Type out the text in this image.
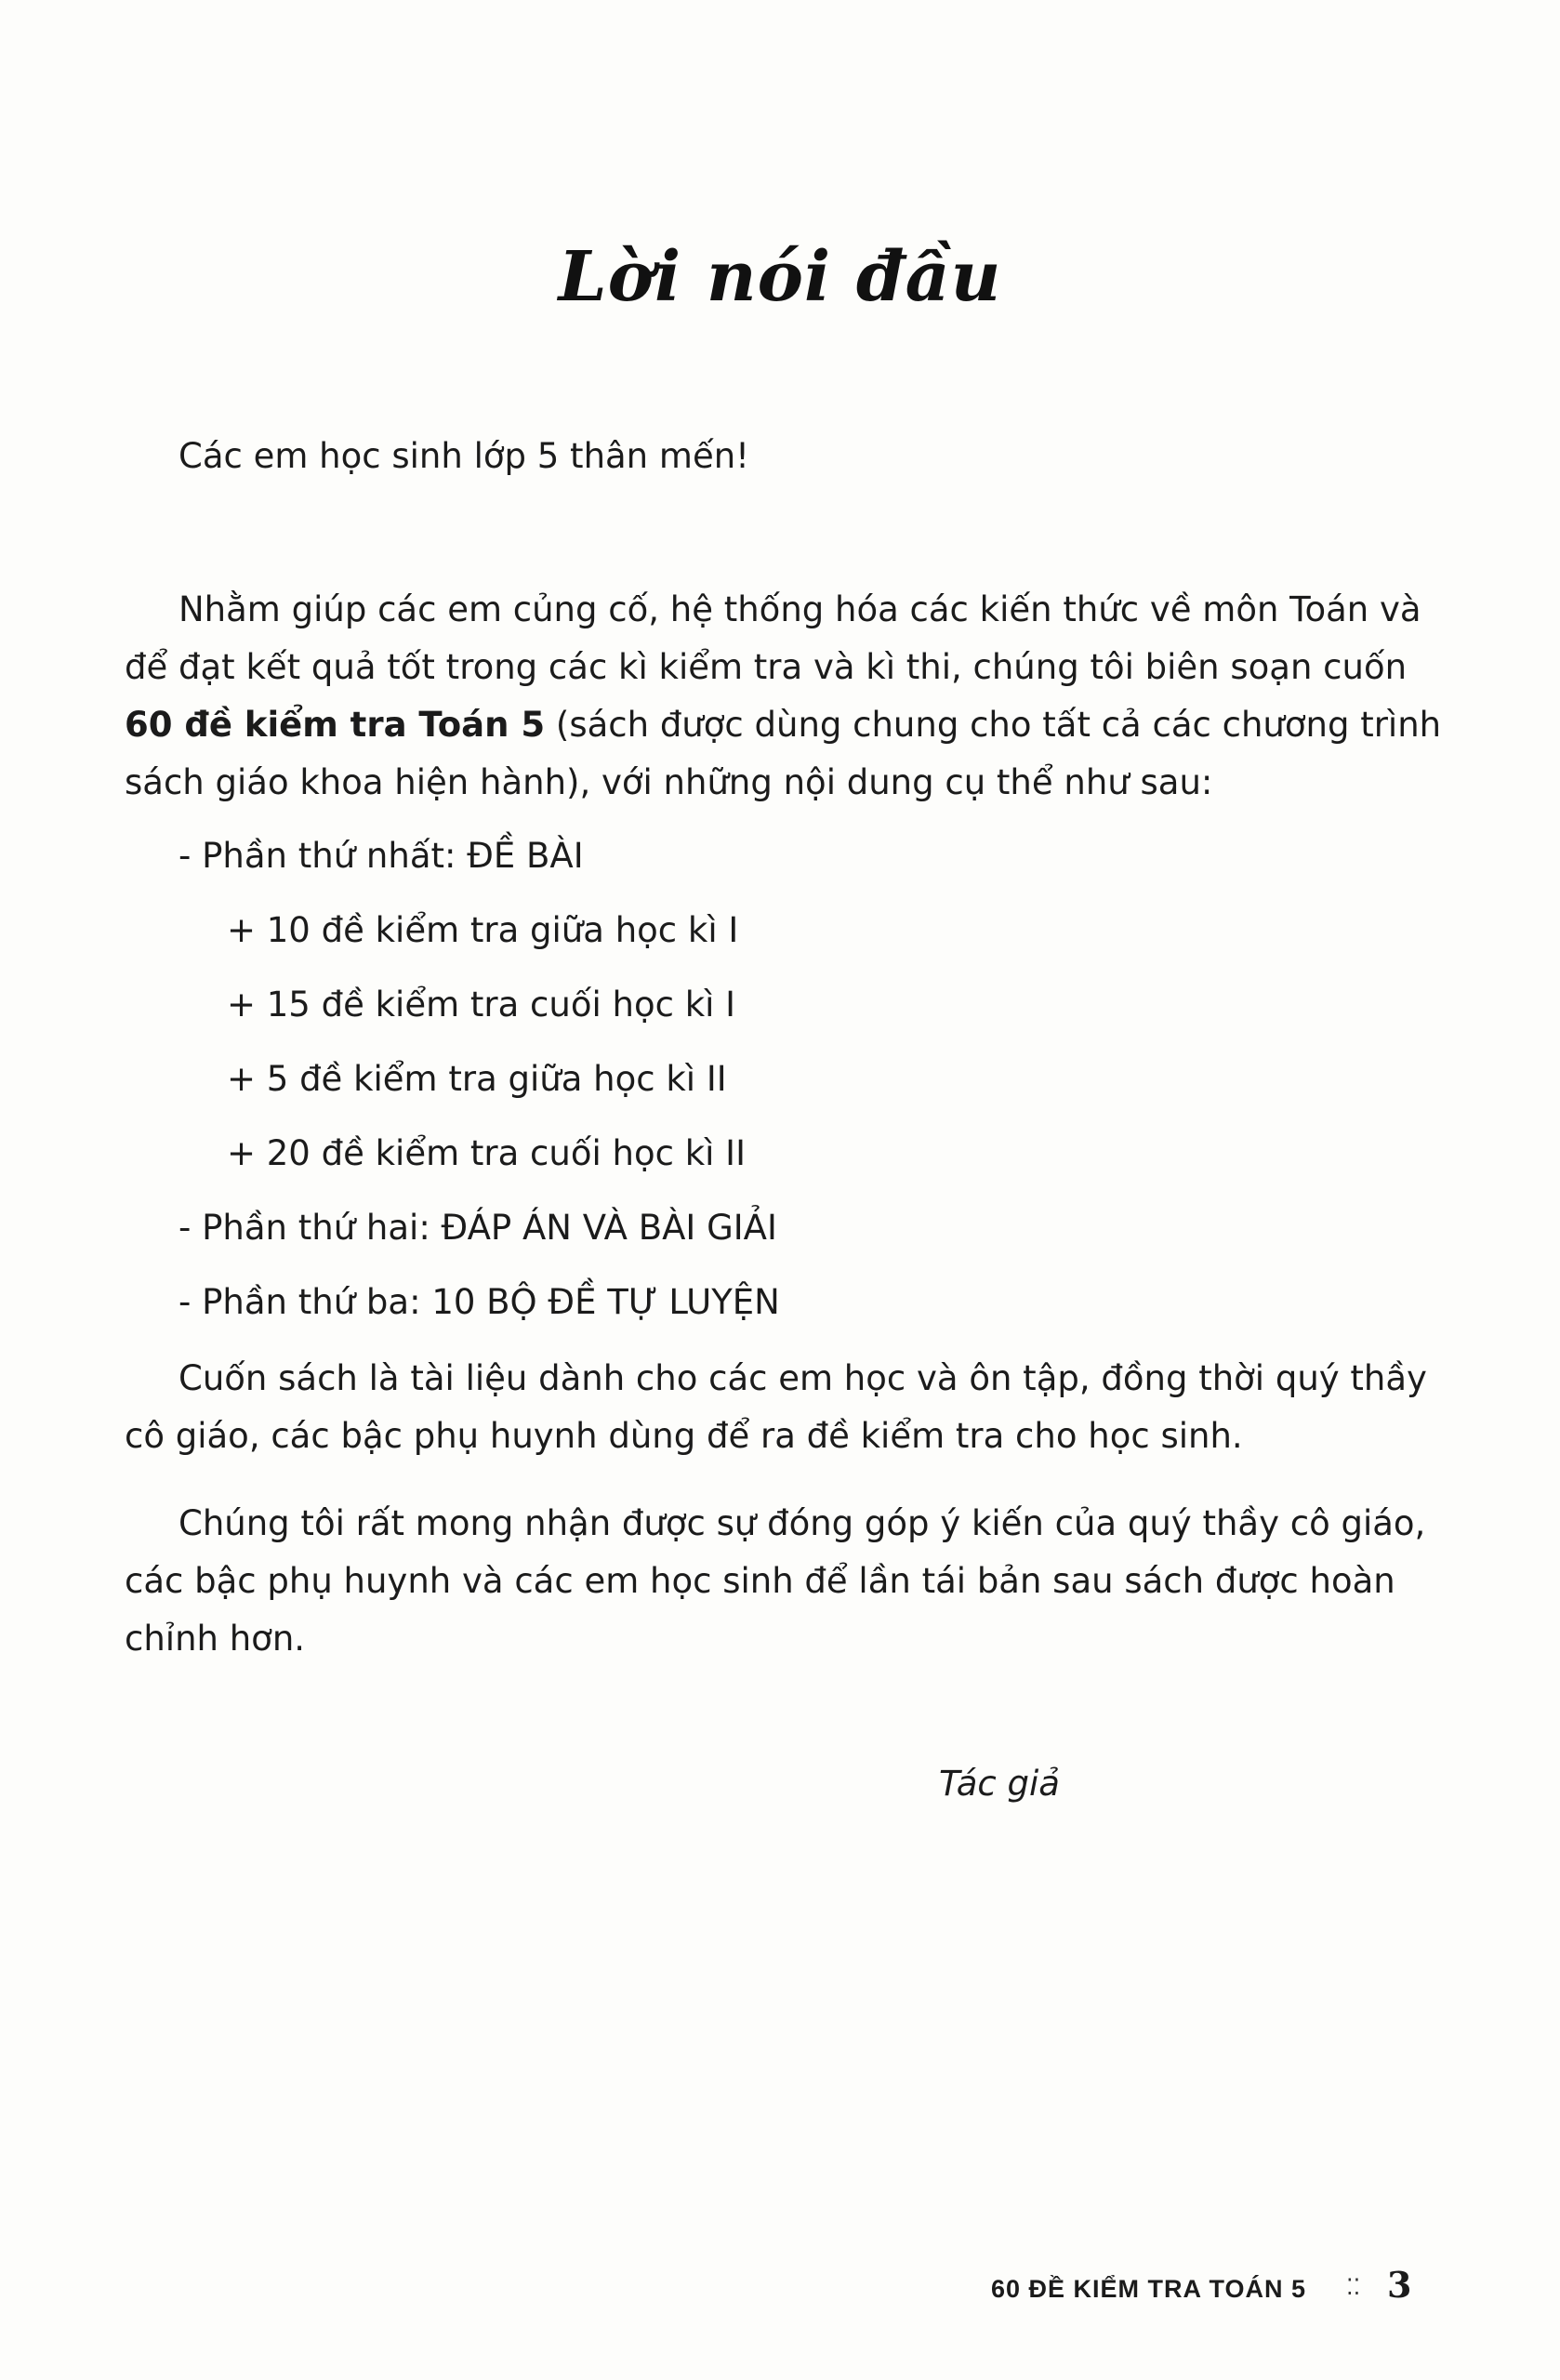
Lời nói đầu
Các em học sinh lớp 5 thân mến!
Nhằm giúp các em củng cố, hệ thống hóa các kiến thức về môn Toán và
để đạt kết quả tốt trong các kì kiểm tra và kì thi, chúng tôi biên soạn cuốn
60 đề kiểm tra Toán 5 (sách được dùng chung cho tất cả các chương trình
sách giáo khoa hiện hành), với những nội dung cụ thể như sau:
- Phần thứ nhất: ĐỀ BÀI
+ 10 đề kiểm tra giữa học kì I
+ 15 đề kiểm tra cuối học kì I
+ 5 đề kiểm tra giữa học kì II
+ 20 đề kiểm tra cuối học kì II
- Phần thứ hai: ĐÁP ÁN VÀ BÀI GIẢI
- Phần thứ ba: 10 BỘ ĐỀ TỰ LUYỆN
Cuốn sách là tài liệu dành cho các em học và ôn tập, đồng thời quý thầy
cô giáo, các bậc phụ huynh dùng để ra đề kiểm tra cho học sinh.
Chúng tôi rất mong nhận được sự đóng góp ý kiến của quý thầy cô giáo,
các bậc phụ huynh và các em học sinh để lần tái bản sau sách được hoàn
chỉnh hơn.
Tác giả
60 ĐỀ KIỂM TRA TOÁN 5 ⁚⁚ 3
